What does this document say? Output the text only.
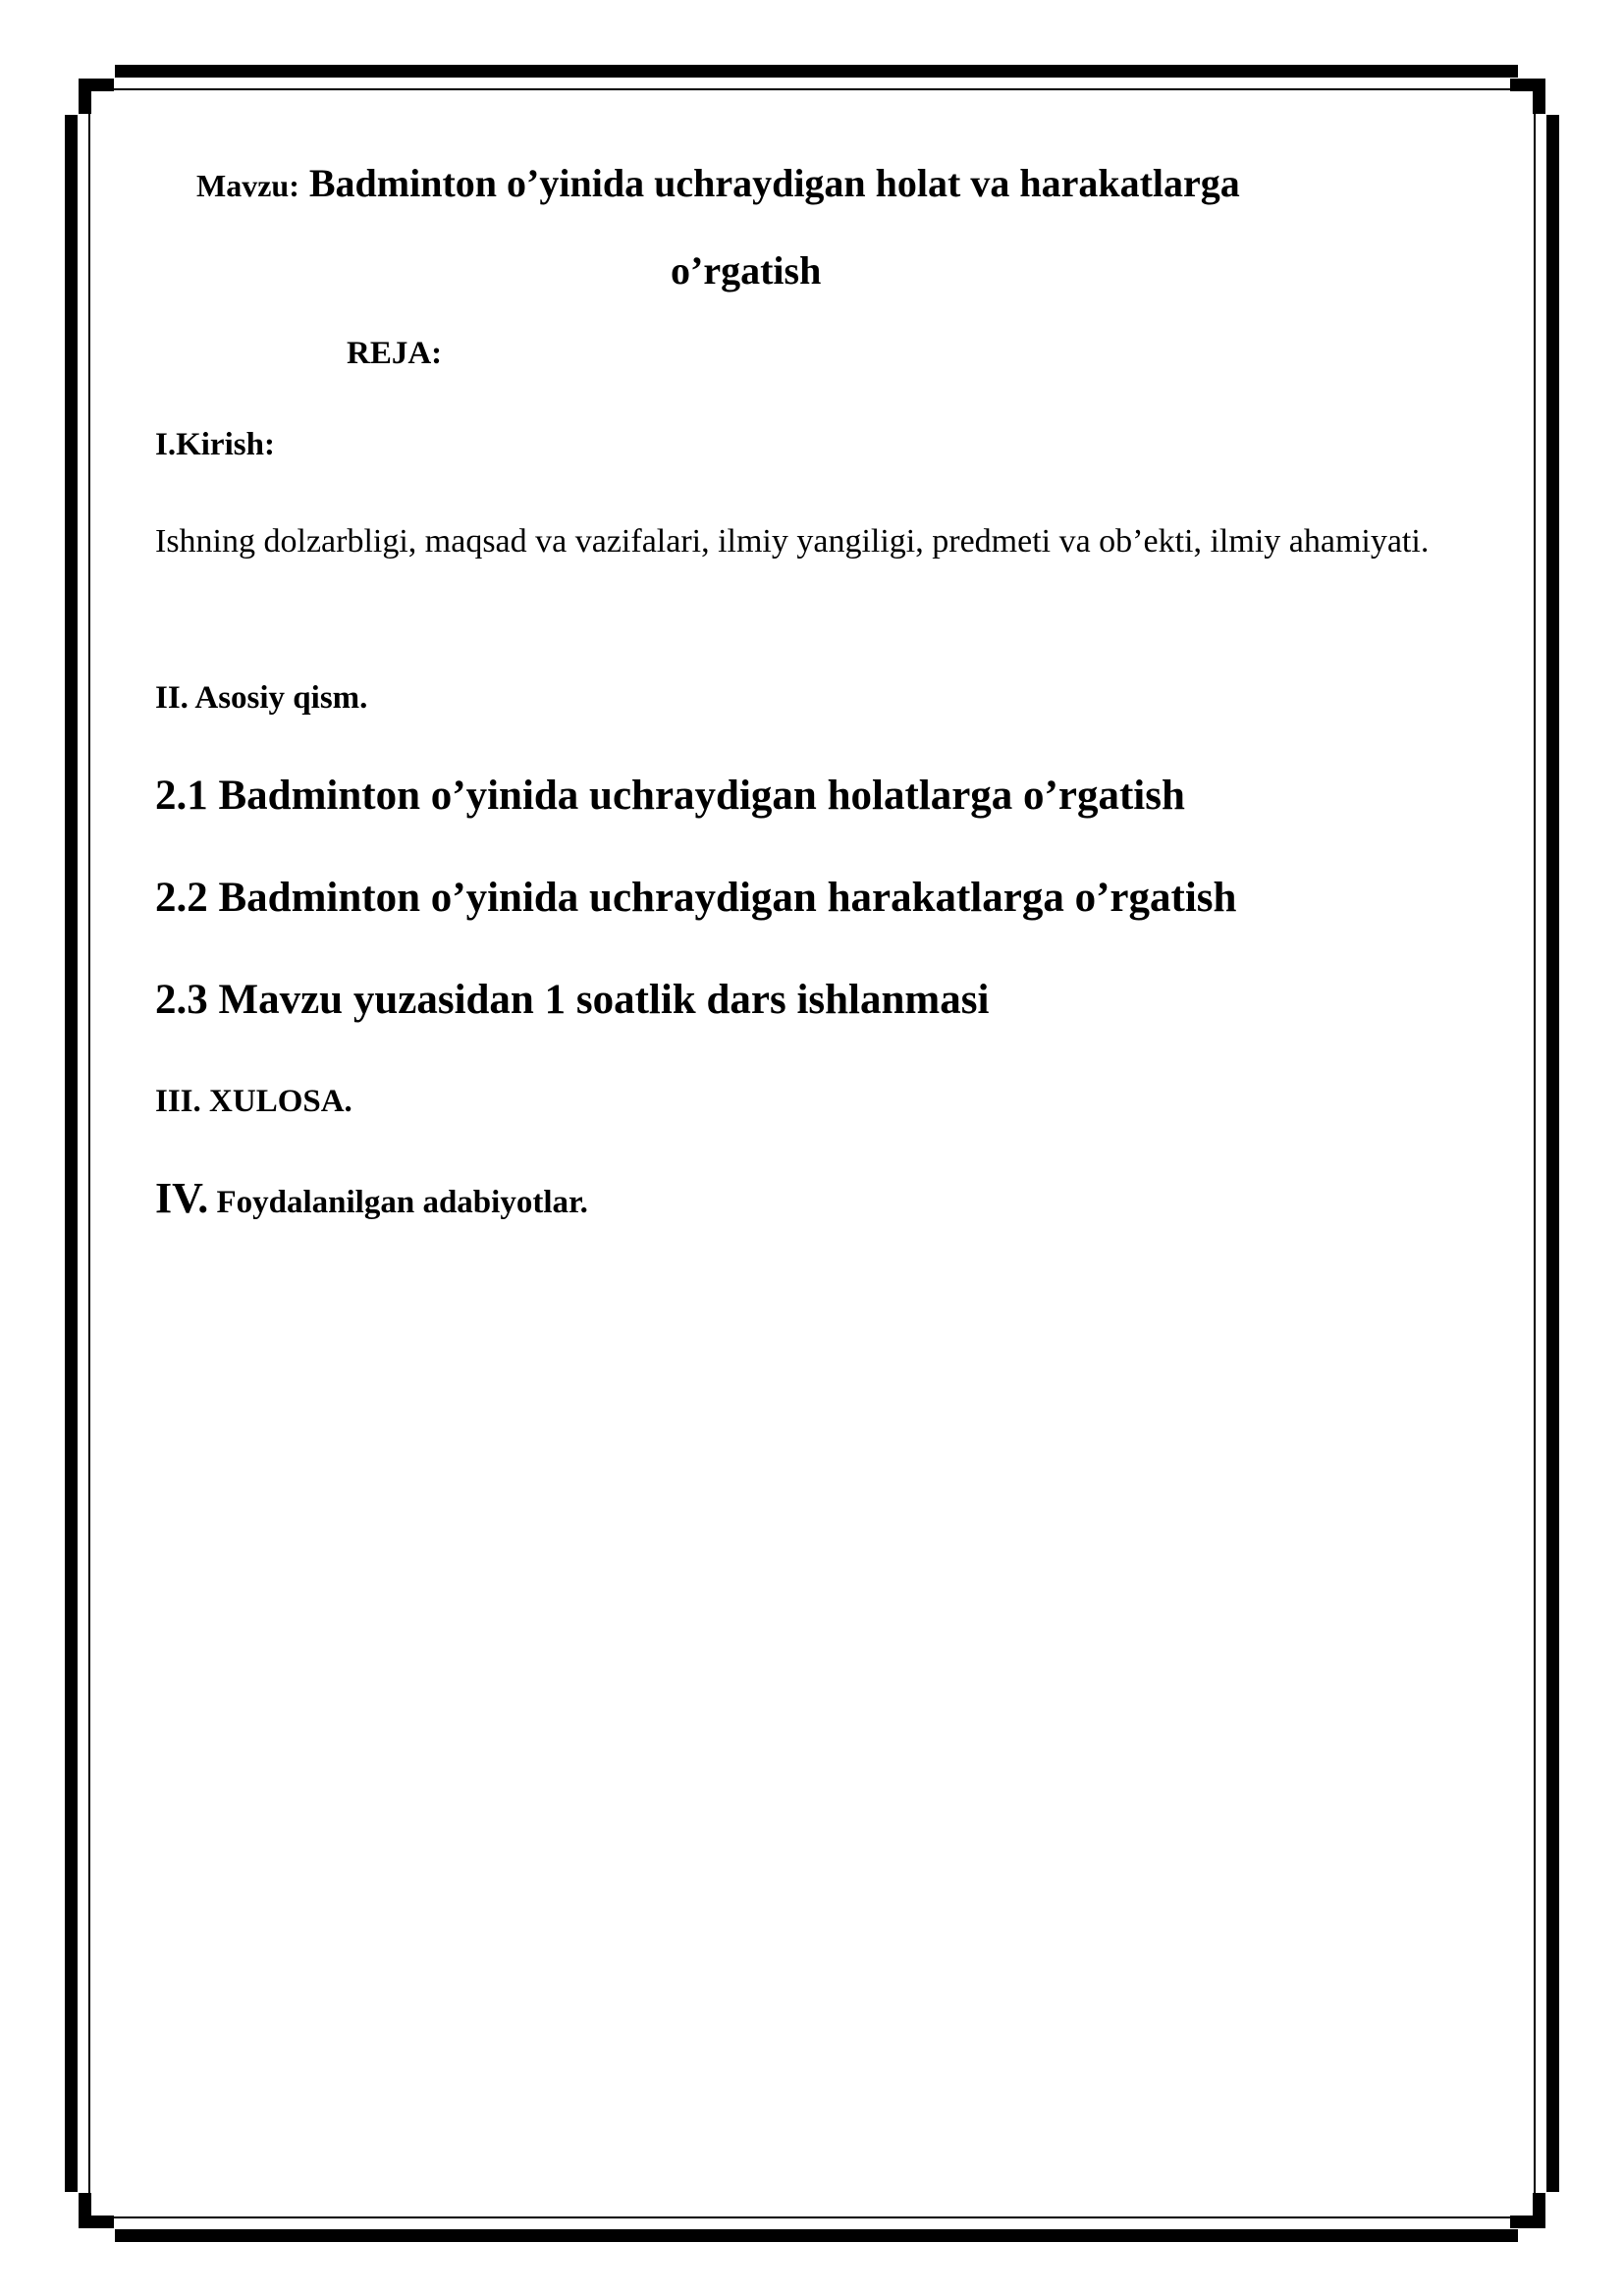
Mavzu: Badminton o’yinida uchraydigan holat va harakatlarga
o’rgatish
REJA:
I.Kirish:
Ishning dolzarbligi, maqsad va vazifalari, ilmiy yangiligi, predmeti va ob’ekti, ilmiy ahamiyati.
II. Asosiy qism.
2.1 Badminton o’yinida uchraydigan holatlarga o’rgatish
2.2 Badminton o’yinida uchraydigan harakatlarga o’rgatish
2.3 Mavzu yuzasidan 1 soatlik dars ishlanmasi
III. XULOSA.
IV. Foydalanilgan adabiyotlar.
